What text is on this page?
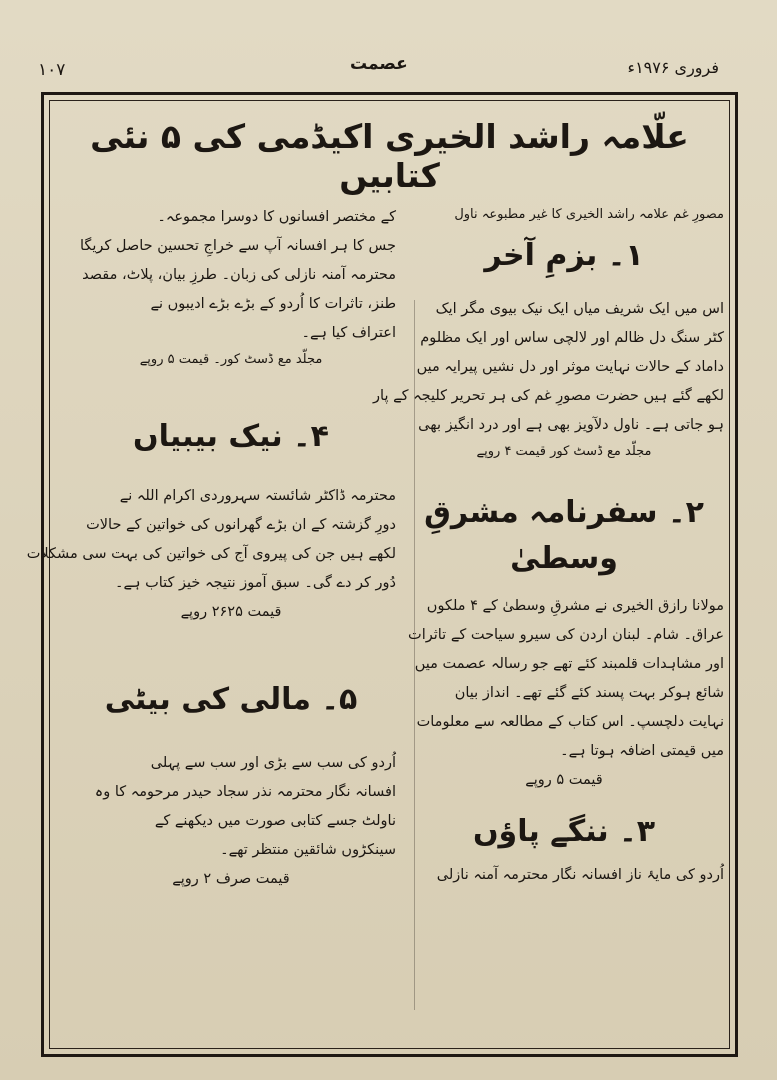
۱۰۷	عصمت	فروری ۱۹۷۶ء
علّامہ راشد الخیری اکیڈمی کی ۵ نئی کتابیں
مصورِ غم علامہ راشد الخیری کا غیر مطبوعہ ناول
۱۔ بزمِ آخر
اس میں ایک شریف میاں ایک نیک بیوی مگر ایک
کٹر سنگ دل ظالم اور لالچی ساس اور ایک مظلوم
داماد کے حالات نہایت موثر اور دل نشیں پیرایہ میں
لکھے گئے ہیں حضرت مصورِ غم کی ہر تحریر کلیجہ کے پار
ہو جاتی ہے۔ ناول دلآویز بھی ہے اور درد انگیز بھی
مجلّد مع ڈسٹ کور قیمت ۴ روپے
۲۔ سفرنامہ مشرقِ وسطیٰ
مولانا رازق الخیری نے مشرقِ وسطیٰ کے ۴ ملکوں
عراق۔ شام۔ لبنان اردن کی سیرو سیاحت کے تاثرات
اور مشاہدات قلمبند کئے تھے جو رسالہ عصمت میں
شائع ہوکر بہت پسند کئے گئے تھے۔ انداز بیان
نہایت دلچسپ۔ اس کتاب کے مطالعہ سے معلومات
میں قیمتی اضافہ ہوتا ہے۔
قیمت ۵ روپے
۳۔ ننگے پاؤں
اُردو کی مایۂ ناز افسانہ نگار محترمہ آمنہ نازلی
کے مختصر افسانوں کا دوسرا مجموعہ۔
جس کا ہر افسانہ آپ سے خراجِ تحسین حاصل کریگا
محترمہ آمنہ نازلی کی زبان۔ طرزِ بیان، پلاٹ، مقصد
طنز، تاثرات کا اُردو کے بڑے بڑے ادیبوں نے
اعتراف کیا ہے۔
مجلّد مع ڈسٹ کور۔ قیمت ۵ روپے
۴۔ نیک بیبیاں
محترمہ ڈاکٹر شائستہ سہروردی اکرام اللہ نے
دورِ گزشتہ کے ان بڑے گھرانوں کی خواتین کے حالات
لکھے ہیں جن کی پیروی آج کی خواتین کی بہت سی مشکلات
دُور کر دے گی۔ سبق آموز نتیجہ خیز کتاب ہے۔
قیمت ۲۶۲۵ روپے
۵۔ مالی کی بیٹی
اُردو کی سب سے بڑی اور سب سے پہلی
افسانہ نگار محترمہ نذر سجاد حیدر مرحومہ کا وہ
ناولٹ جسے کتابی صورت میں دیکھنے کے
سینکڑوں شائقین منتظر تھے۔
قیمت صرف ۲ روپے
